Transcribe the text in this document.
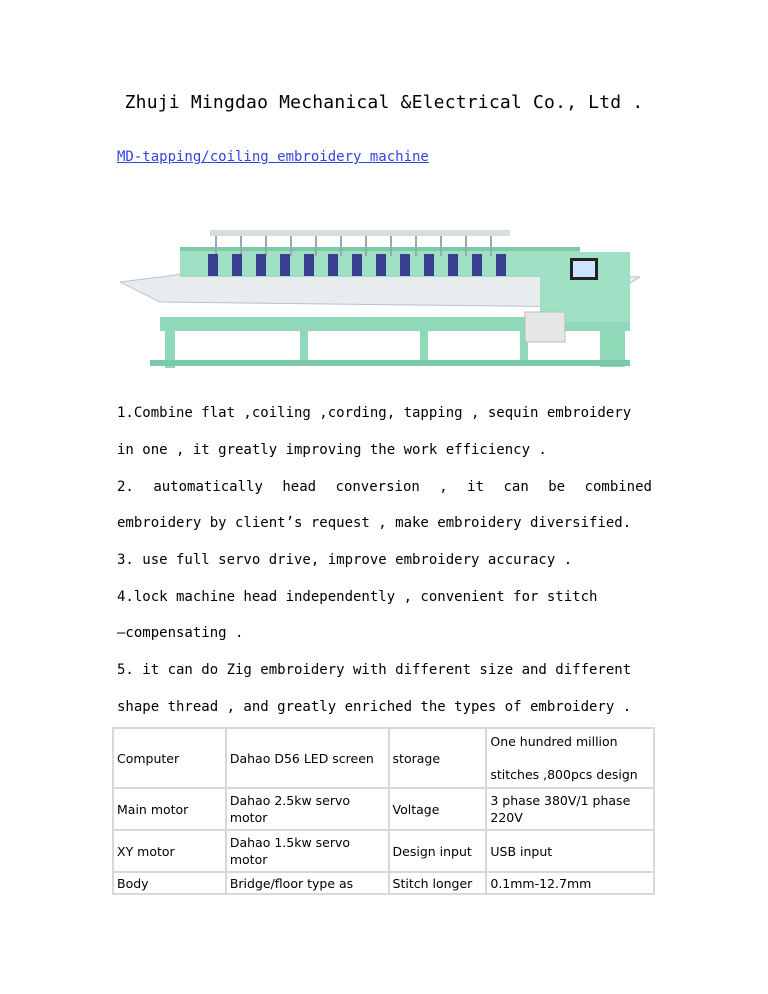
Zhuji Mingdao Mechanical &Electrical Co., Ltd .
MD-tapping/coiling embroidery machine
1.Combine flat ,coiling ,cording, tapping , sequin embroidery
in one , it greatly improving the work efficiency .
2. automatically head conversion , it can be combined
embroidery by client’s request , make embroidery diversified.
3. use full servo drive, improve embroidery accuracy .
4.lock machine head independently , convenient for stitch
–compensating .
5. it can do Zig embroidery with different size and different
shape thread , and greatly enriched the types of embroidery .
Computer	Dahao D56 LED screen	storage	One hundred million
stitches ,800pcs design

Main motor	Dahao 2.5kw servo motor	Voltage	3 phase 380V/1 phase 220V
XY motor	Dahao 1.5kw servo motor	Design input	USB input
Body	Bridge/floor type as	Stitch longer	0.1mm-12.7mm
